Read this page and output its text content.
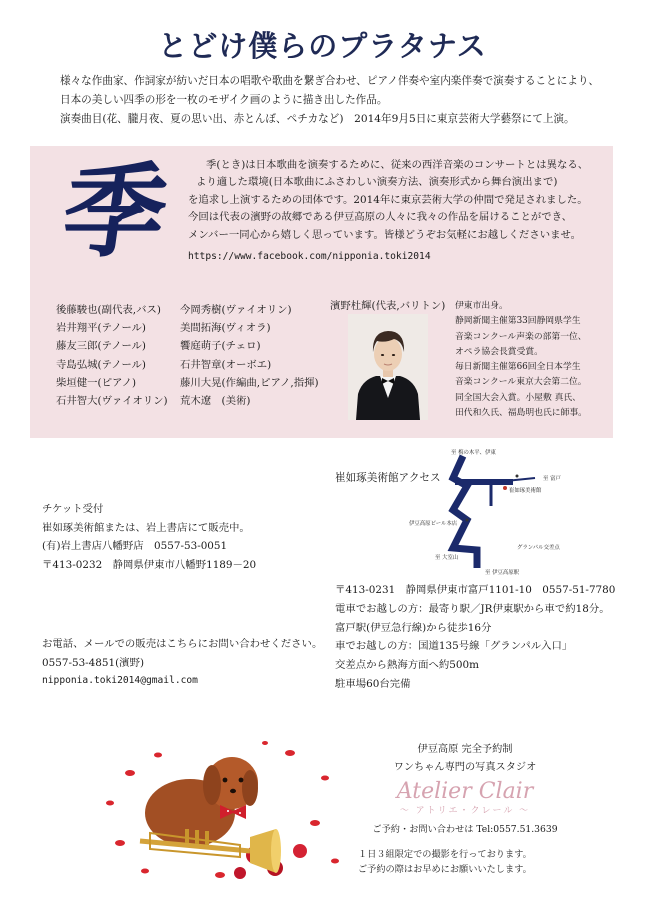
とどけ僕らのプラタナス
様々な作曲家、作詞家が紡いだ日本の唱歌や歌曲を繋ぎ合わせ、ピアノ伴奏や室内楽伴奏で演奏することにより、
日本の美しい四季の形を一枚のモザイク画のように描き出した作品。
演奏曲目(花、朧月夜、夏の思い出、赤とんぼ、ペチカなど)　2014年9月5日に東京芸術大学藝祭にて上演。
季	季(とき)は日本歌曲を演奏するために、従来の西洋音楽のコンサートとは異なる、
より適した環境(日本歌曲にふさわしい演奏方法、演奏形式から舞台演出まで)
を追求し上演するための団体です。2014年に東京芸術大学の仲間で発足されました。
今回は代表の濱野の故郷である伊豆高原の人々に我々の作品を届けることができ、
メンバー一同心から嬉しく思っています。皆様どうぞお気軽にお越しくださいませ。
https://www.facebook.com/nipponia.toki2014
後藤駿也(副代表,バス)
岩井翔平(テノール)
藤友三郎(テノール)
寺島弘城(テノール)
柴垣健一(ピアノ)
石井智大(ヴァイオリン)
今岡秀樹(ヴァイオリン)
美間拓海(ヴィオラ)
饗庭萌子(チェロ)
石井智章(オーボエ)
藤川大晃(作編曲,ピアノ,指揮)
荒木遼　(美術)
濱野杜輝(代表,バリトン) 伊東市出身。
静岡新聞主催第33回静岡県学生
音楽コンクール声楽の部第一位、
オペラ協会長賞受賞。
毎日新聞主催第66回全日本学生
音楽コンクール東京大会第二位。
同全国大会入賞。小屋敷 真氏、
田代和久氏、福島明也氏に師事。
崔如琢美術館アクセス
至 梅の木平、伊東
至 富戸
崔如琢美術館
伊豆高原ビール本店
グランパル交差点
至 大室山
至 伊豆高原駅
〒413-0231　静岡県伊東市富戸1101-10　0557-51-7780
電車でお越しの方：最寄り駅／JR伊東駅から車で約18分。
富戸駅(伊豆急行線)から徒歩16分
車でお越しの方：国道135号線「グランパル入口」
交差点から熱海方面へ約500m
駐車場60台完備
チケット受付
崔如琢美術館または、岩上書店にて販売中。
(有)岩上書店八幡野店　0557-53-0051
〒413-0232　静岡県伊東市八幡野1189－20
お電話、メールでの販売はこちらにお問い合わせください。
0557-53-4851(濱野)
nipponia.toki2014@gmail.com
伊豆高原 完全予約制
ワンちゃん専門の写真スタジオ
Atelier Clair
～ アトリエ・クレール ～
ご予約・お問い合わせは Tel:0557.51.3639
１日３組限定での撮影を行っております。
ご予約の際はお早めにお願いいたします。
